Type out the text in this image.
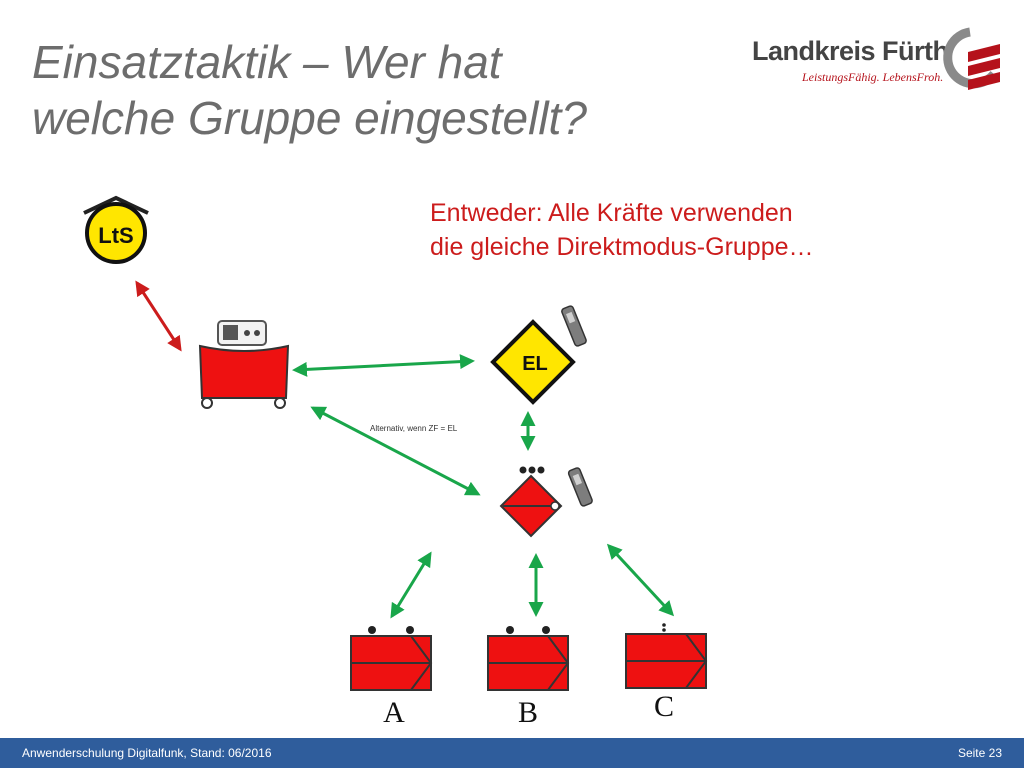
Einsatztaktik – Wer hat
welche Gruppe eingestellt?
Landkreis Fürth
LeistungsFähig. LebensFroh.

Entweder: Alle Kräfte verwenden
die gleiche Direktmodus-Gruppe…

LtS
EL
Alternativ, wenn ZF = EL
A	B	C
Anwenderschulung Digitalfunk, Stand: 06/2016	Seite 23
